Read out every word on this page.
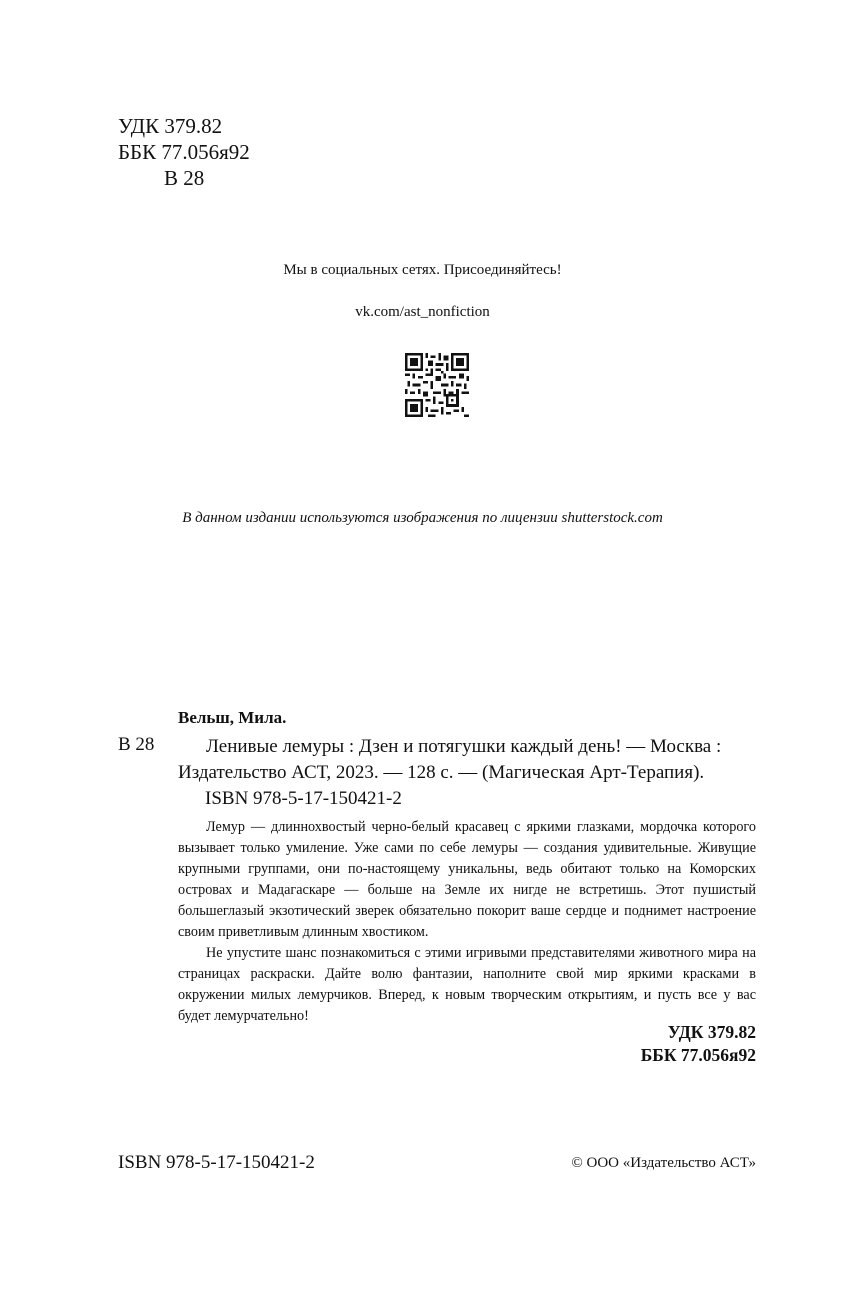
УДК 379.82
ББК 77.056я92
В 28
Мы в социальных сетях. Присоединяйтесь!
vk.com/ast_nonfiction
В данном издании используются изображения по лицензии shutterstock.com
Вельш, Мила.
В 28	Ленивые лемуры : Дзен и потягушки каждый день! — Москва :
Издательство АСТ, 2023. — 128 с. — (Магическая Арт-Терапия).
ISBN 978-5-17-150421-2

Лемур — длиннохвостый черно-белый красавец с яркими глазками, мордочка которого вызывает только умиление. Уже сами по себе лемуры — создания удивительные. Живущие крупными группами, они по-настоящему уникальны, ведь обитают только на Коморских островах и Мадагаскаре — больше на Земле их нигде не встретишь. Этот пушистый большеглазый экзотический зверек обязательно покорит ваше сердце и поднимет настроение своим приветливым длинным хвостиком.

Не упустите шанс познакомиться с этими игривыми представителями животного мира на страницах раскраски. Дайте волю фантазии, наполните свой мир яркими красками в окружении милых лемурчиков. Вперед, к новым творческим открытиям, и пусть все у вас будет лемурчательно!

УДК 379.82
ББК 77.056я92
ISBN 978-5-17-150421-2	© ООО «Издательство АСТ»
